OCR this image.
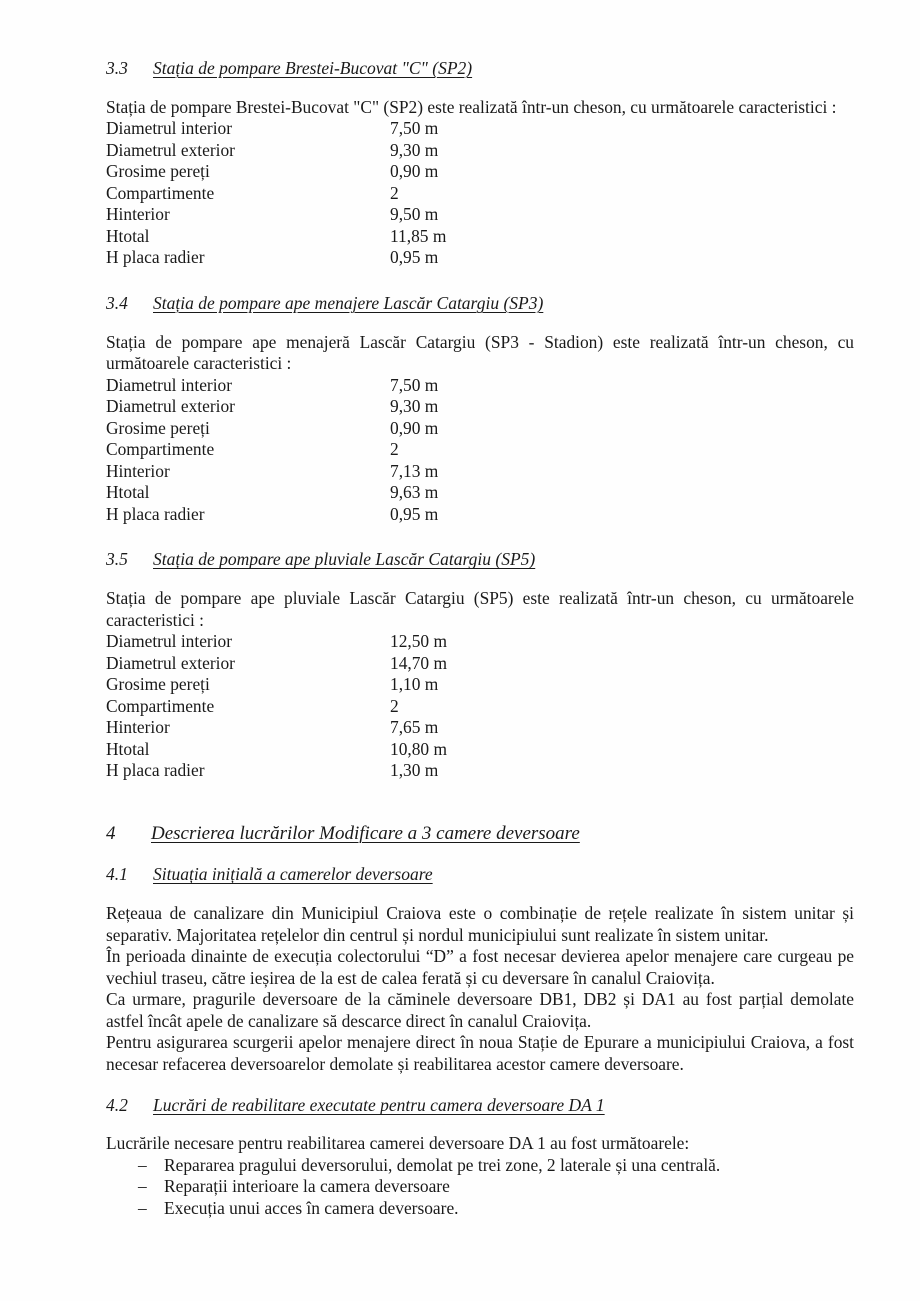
3.3	Stația de pompare Brestei-Bucovat "C" (SP2)

Stația de pompare Brestei-Bucovat "C" (SP2) este realizată într-un cheson, cu următoarele caracteristici :

Diametrul interior	7,50 m
Diametrul exterior	9,30 m
Grosime pereți	0,90 m
Compartimente	2
Hinterior	9,50 m
Htotal	11,85 m
H placa radier	0,95 m
3.4	Stația de pompare ape menajere Lascăr Catargiu (SP3)

Stația de pompare ape menajeră Lascăr Catargiu (SP3 - Stadion) este realizată într-un cheson, cu următoarele caracteristici :

Diametrul interior	7,50 m
Diametrul exterior	9,30 m
Grosime pereți	0,90 m
Compartimente	2
Hinterior	7,13 m
Htotal	9,63 m
H placa radier	0,95 m
3.5	Stația de pompare ape pluviale Lascăr Catargiu (SP5)

Stația de pompare ape pluviale Lascăr Catargiu (SP5) este realizată într-un cheson, cu următoarele caracteristici :

Diametrul interior	12,50 m
Diametrul exterior	14,70 m
Grosime pereți	1,10 m
Compartimente	2
Hinterior	7,65 m
Htotal	10,80 m
H placa radier	1,30 m
4	Descrierea lucrărilor Modificare a 3 camere deversoare
4.1	Situația inițială a camerelor deversoare

Rețeaua de canalizare din Municipiul Craiova este o combinație de rețele realizate în sistem unitar și separativ. Majoritatea rețelelor din centrul și nordul municipiului sunt realizate în sistem unitar.

În perioada dinainte de execuția colectorului “D” a fost necesar devierea apelor menajere care curgeau pe vechiul traseu, către ieșirea de la est de calea ferată și cu deversare în canalul Craiovița.

Ca urmare, pragurile deversoare de la căminele deversoare DB1, DB2 și DA1 au fost parțial demolate astfel încât apele de canalizare să descarce direct în canalul Craiovița.

Pentru asigurarea scurgerii apelor menajere direct în noua Stație de Epurare a municipiului Craiova, a fost necesar refacerea deversoarelor demolate și reabilitarea acestor camere deversoare.

4.2	Lucrări de reabilitare executate pentru camera deversoare DA 1

Lucrările necesare pentru reabilitarea camerei deversoare DA 1 au fost următoarele:

– Repararea pragului deversorului, demolat pe trei zone, 2 laterale și una centrală.
– Reparații interioare la camera deversoare
– Execuția unui acces în camera deversoare.
